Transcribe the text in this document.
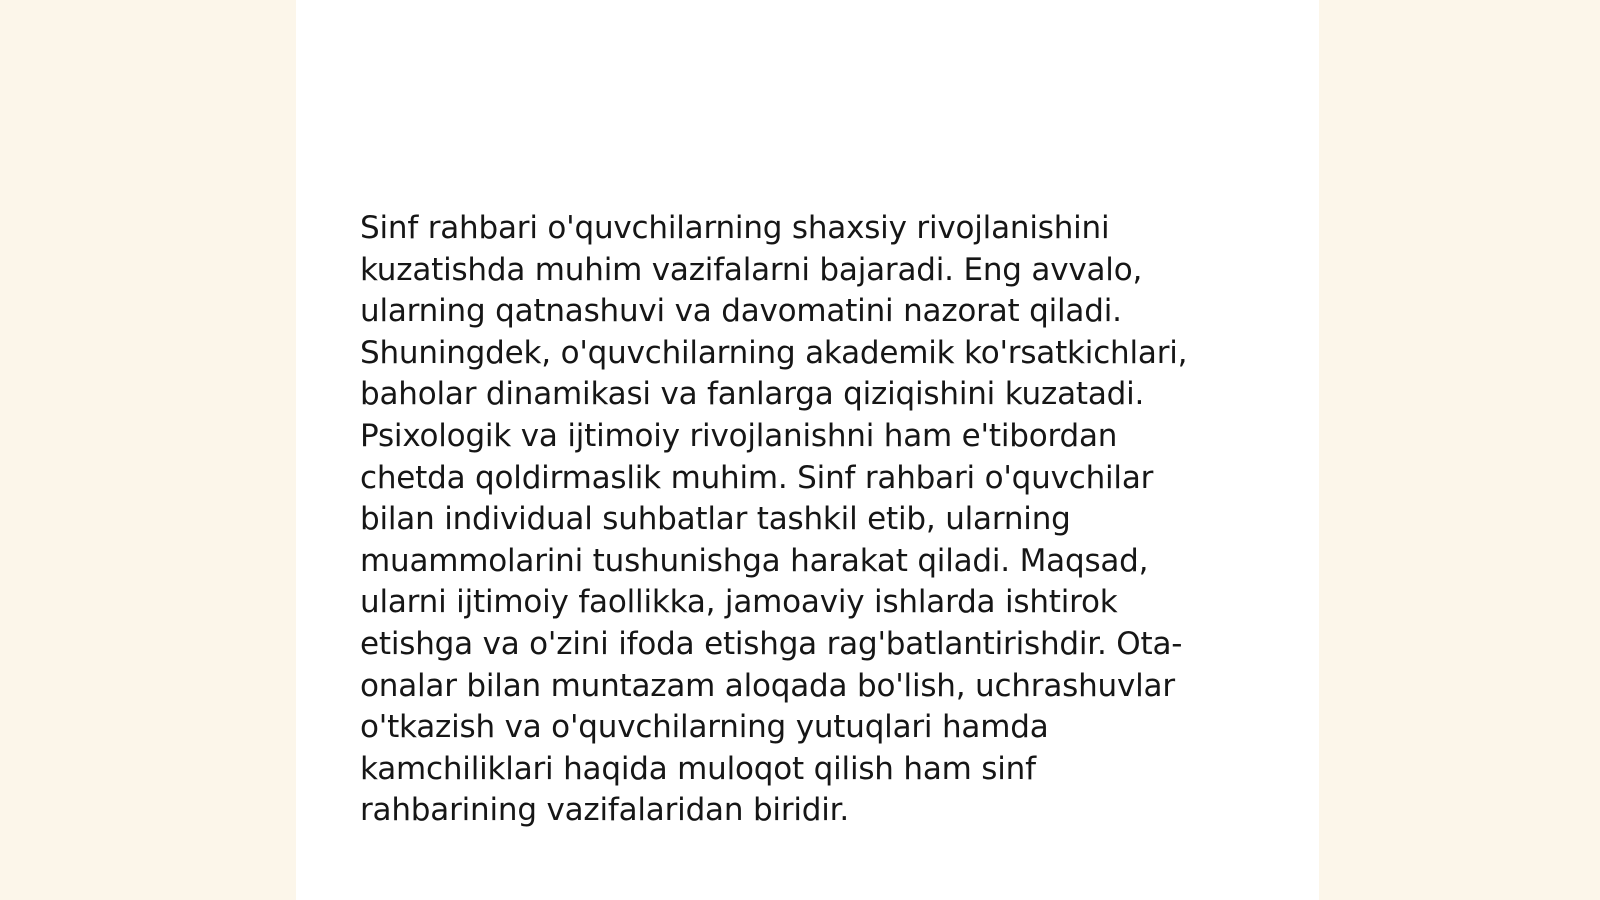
Sinf rahbari o'quvchilarning shaxsiy rivojlanishini
kuzatishda muhim vazifalarni bajaradi. Eng avvalo,
ularning qatnashuvi va davomatini nazorat qiladi.
Shuningdek, o'quvchilarning akademik ko'rsatkichlari,
baholar dinamikasi va fanlarga qiziqishini kuzatadi.
Psixologik va ijtimoiy rivojlanishni ham e'tibordan
chetda qoldirmaslik muhim. Sinf rahbari o'quvchilar
bilan individual suhbatlar tashkil etib, ularning
muammolarini tushunishga harakat qiladi. Maqsad,
ularni ijtimoiy faollikka, jamoaviy ishlarda ishtirok
etishga va o'zini ifoda etishga rag'batlantirishdir. Ota-
onalar bilan muntazam aloqada bo'lish, uchrashuvlar
o'tkazish va o'quvchilarning yutuqlari hamda
kamchiliklari haqida muloqot qilish ham sinf
rahbarining vazifalaridan biridir.
